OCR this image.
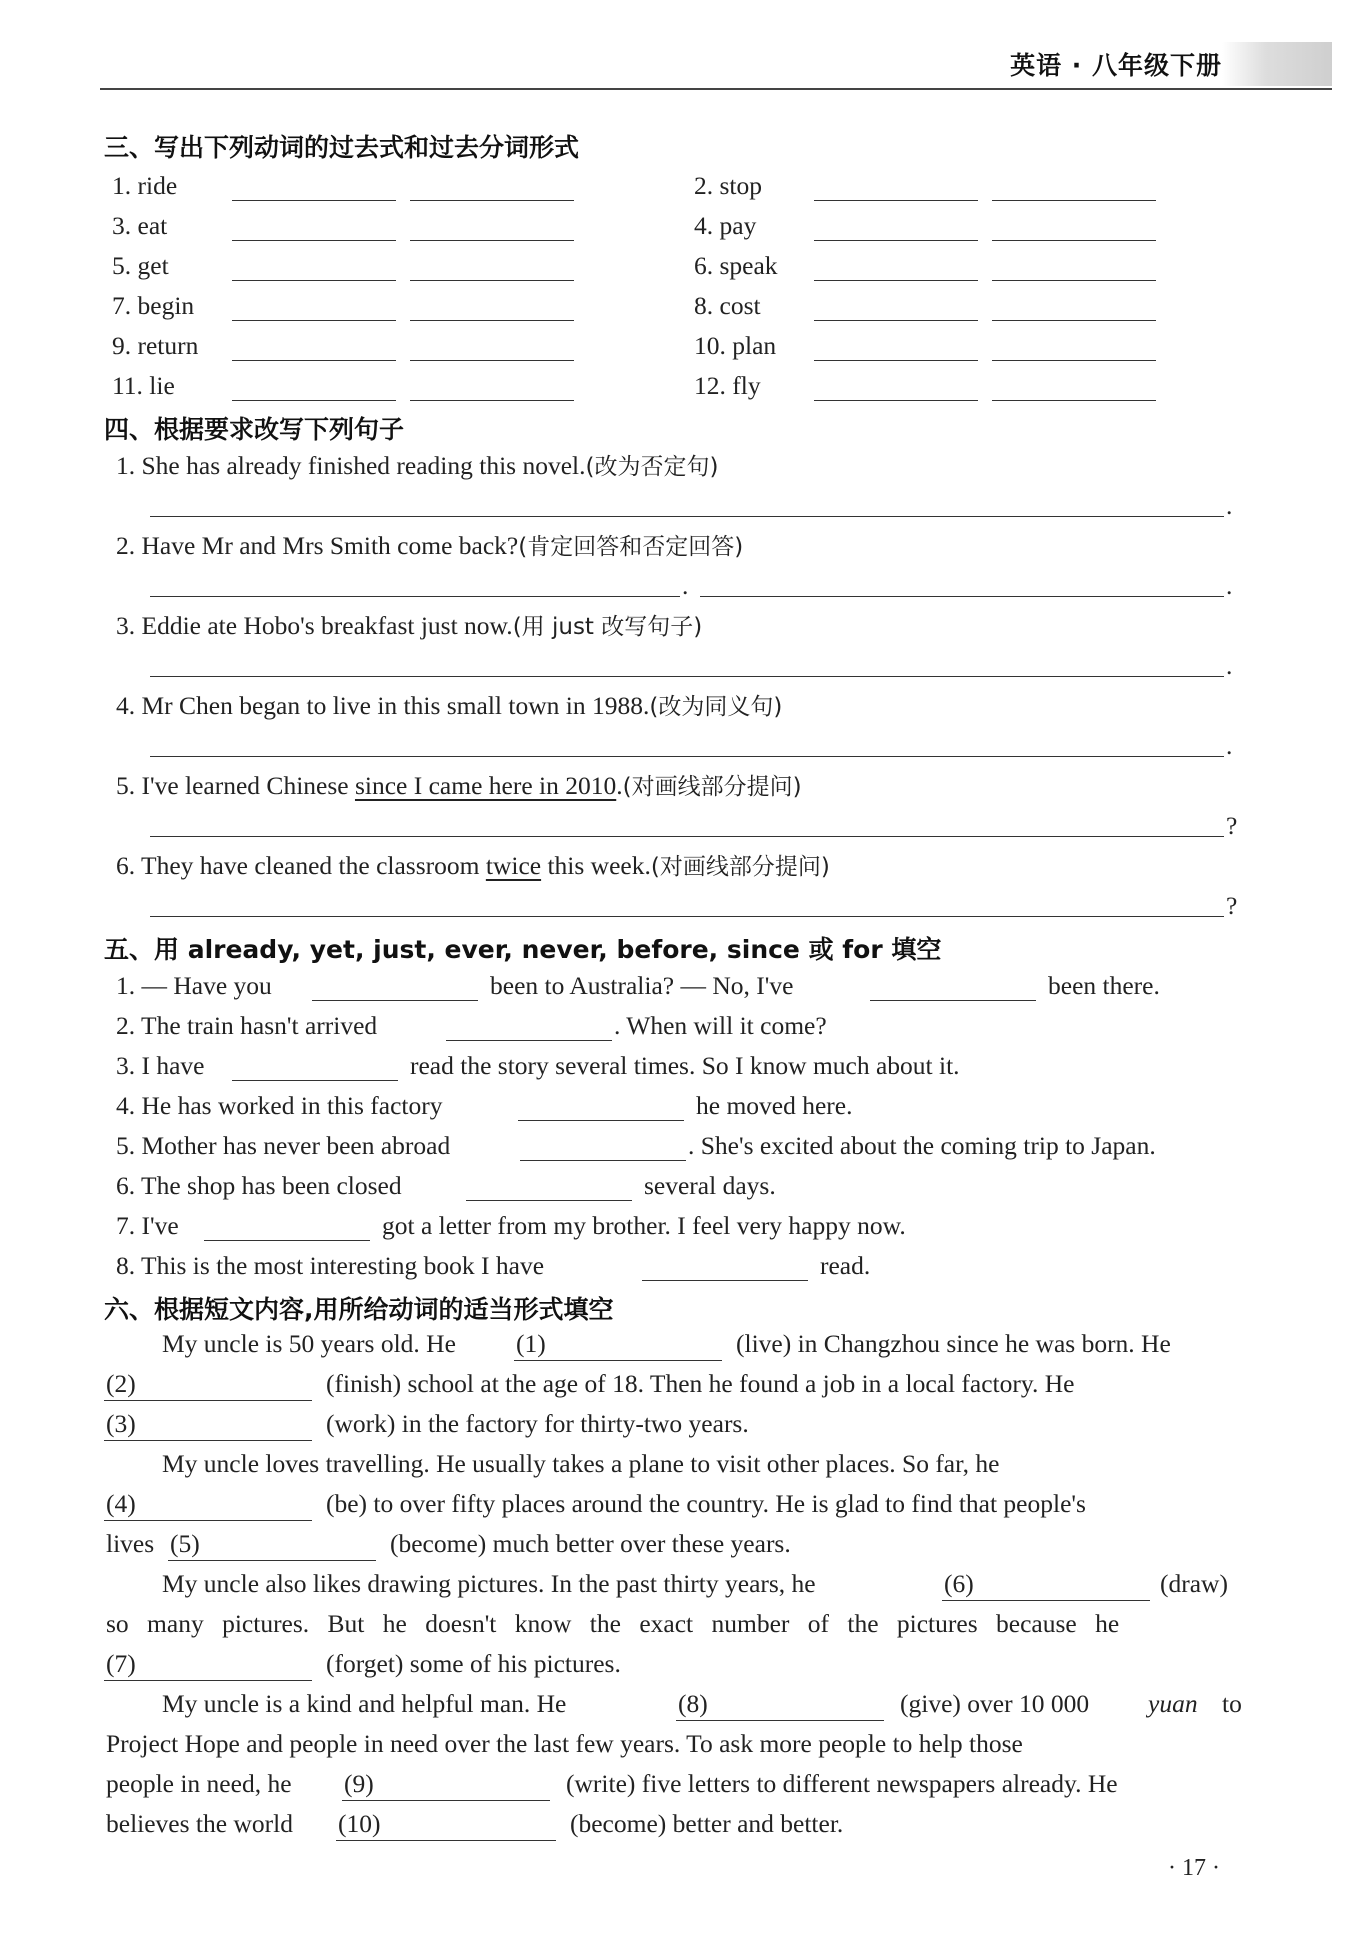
英语 · 八年级下册
三、写出下列动词的过去式和过去分词形式
1. ride	2. stop
3. eat	4. pay
5. get	6. speak
7. begin	8. cost
9. return	10. plan
11. lie	12. fly
四、根据要求改写下列句子
1. She has already finished reading this novel.(改为否定句)
.
2. Have Mr and Mrs Smith come back?(肯定回答和否定回答)
.	.
3. Eddie ate Hobo's breakfast just now.(用 just 改写句子)
.
4. Mr Chen began to live in this small town in 1988.(改为同义句)
.
5. I've learned Chinese since I came here in 2010.(对画线部分提问)
?
6. They have cleaned the classroom twice this week.(对画线部分提问)
?
五、用 already, yet, just, ever, never, before, since 或 for 填空
1. — Have you	been to Australia? — No, I've	been there.
2. The train hasn't arrived	. When will it come?
3. I have	read the story several times. So I know much about it.
4. He has worked in this factory	he moved here.
5. Mother has never been abroad	. She's excited about the coming trip to Japan.
6. The shop has been closed	several days.
7. I've	got a letter from my brother. I feel very happy now.
8. This is the most interesting book I have	read.
六、根据短文内容,用所给动词的适当形式填空
My uncle is 50 years old. He (1)	(live) in Changzhou since he was born. He
(2)	(finish) school at the age of 18. Then he found a job in a local factory. He
(3)	(work) in the factory for thirty-two years.
My uncle loves travelling. He usually takes a plane to visit other places. So far, he
(4)	(be) to over fifty places around the country. He is glad to find that people's
lives (5)	(become) much better over these years.
My uncle also likes drawing pictures. In the past thirty years, he	(6)	(draw)
so many pictures. But he doesn't know the exact number of the pictures because he
(7)	(forget) some of his pictures.
My uncle is a kind and helpful man. He	(8)	(give) over 10 000 yuan to
Project Hope and people in need over the last few years. To ask more people to help those
people in need, he (9)	(write) five letters to different newspapers already. He
believes the world (10)	(become) better and better.
· 17 ·
